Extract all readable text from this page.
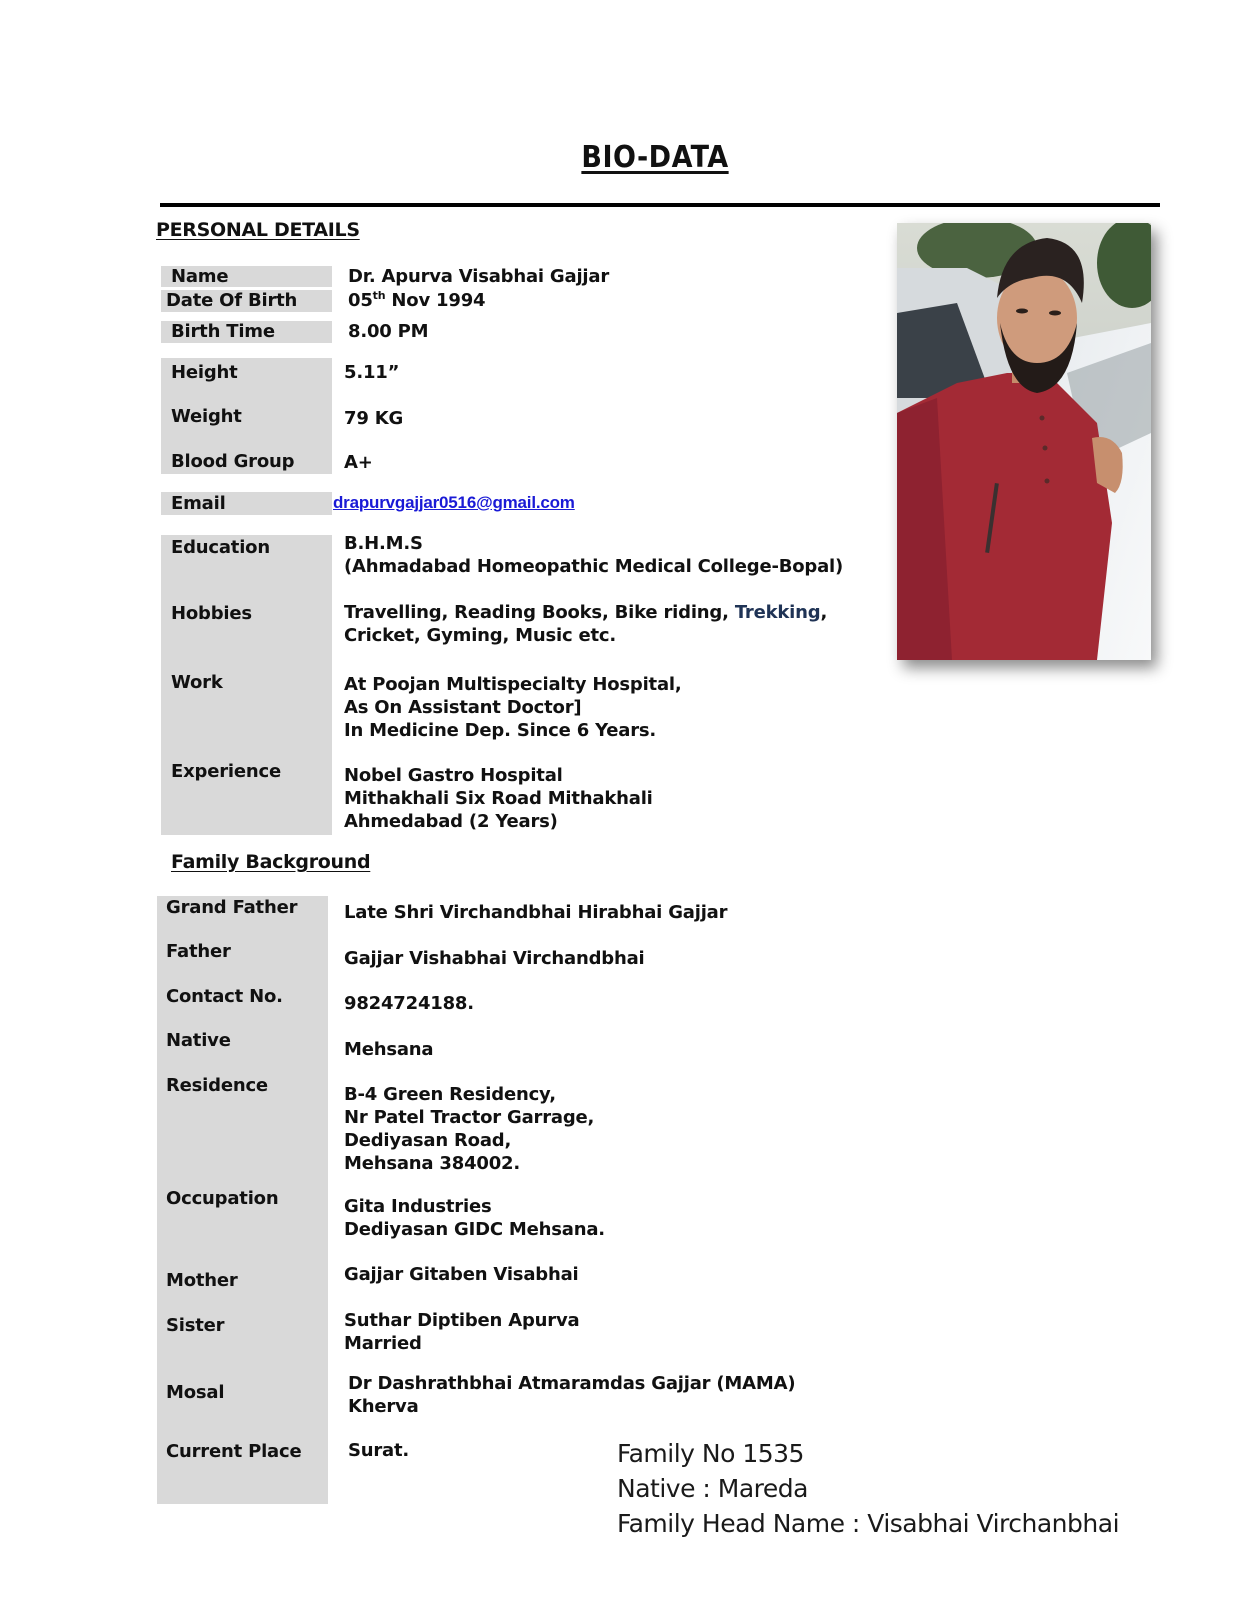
BIO-DATA
PERSONAL DETAILS
Name	Dr. Apurva Visabhai Gajjar
Date Of Birth	05th Nov 1994
Birth Time	8.00 PM
Height	5.11”
Weight	79 KG
Blood Group	A+
Email	drapurvgajjar0516@gmail.com
Education	B.H.M.S
(Ahmadabad Homeopathic Medical College-Bopal)
Hobbies	Travelling, Reading Books, Bike riding, Trekking,
Cricket, Gyming, Music etc.
Work	At Poojan Multispecialty Hospital,
As On Assistant Doctor]
In Medicine Dep. Since 6 Years.
Experience	Nobel Gastro Hospital
Mithakhali Six Road Mithakhali
Ahmedabad (2 Years)
Family Background
Grand Father	Late Shri Virchandbhai Hirabhai Gajjar
Father	Gajjar Vishabhai Virchandbhai
Contact No.	9824724188.
Native	Mehsana
Residence	B-4 Green Residency,
Nr Patel Tractor Garrage,
Dediyasan Road,
Mehsana 384002.
Occupation	Gita Industries
Dediyasan GIDC Mehsana.
Mother	Gajjar Gitaben Visabhai
Sister	Suthar Diptiben Apurva
Married
Mosal	Dr Dashrathbhai Atmaramdas Gajjar (MAMA)
Kherva
Current Place	Surat.	Family No 1535
Native : Mareda
Family Head Name : Visabhai Virchanbhai
